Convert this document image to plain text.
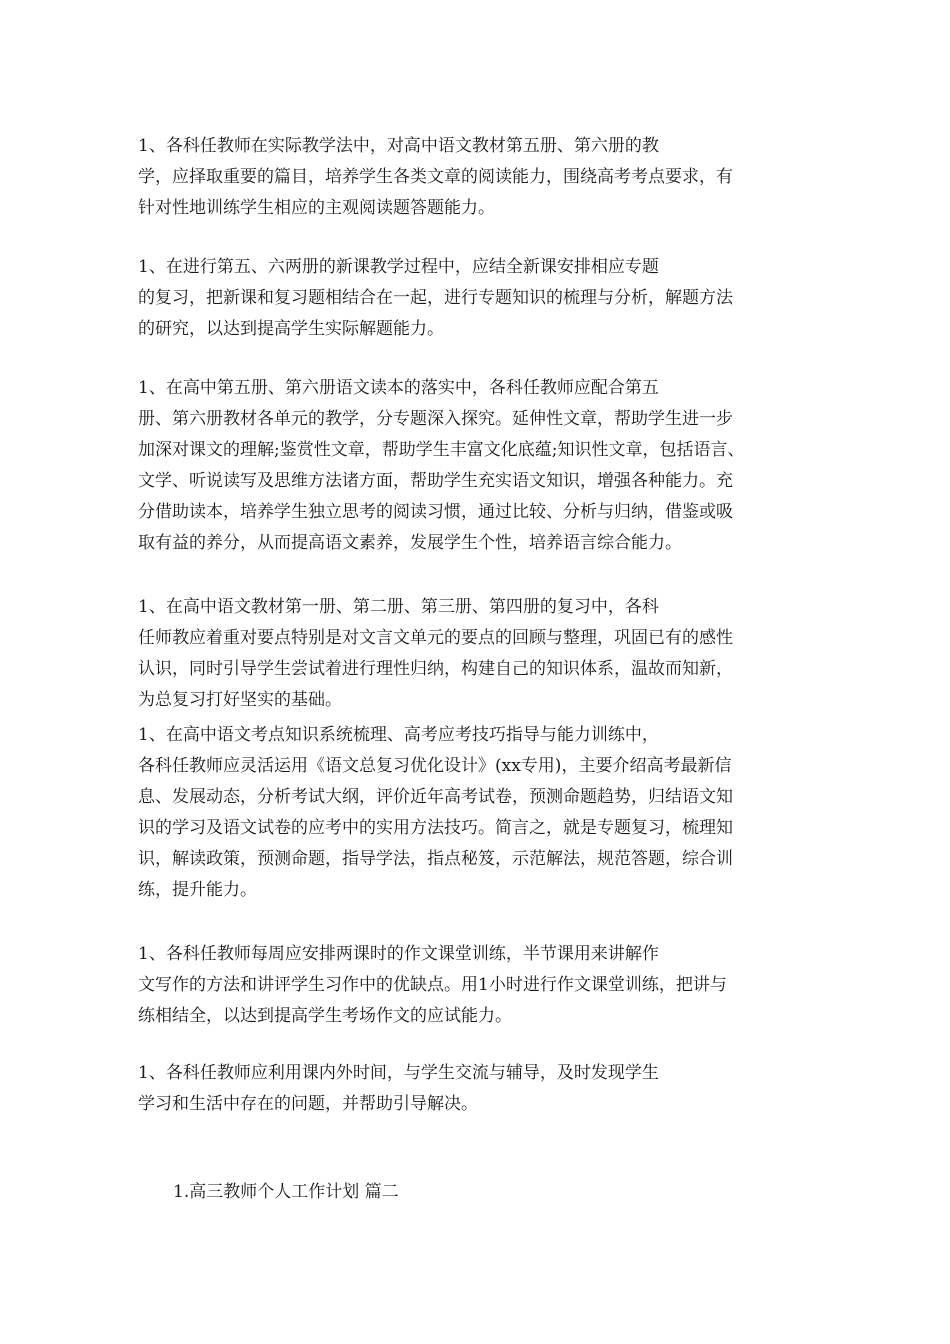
1、各科任教师在实际教学法中，对高中语文教材第五册、第六册的教
学，应择取重要的篇目，培养学生各类文章的阅读能力，围绕高考考点要求，有
针对性地训练学生相应的主观阅读题答题能力。

1、在进行第五、六两册的新课教学过程中，应结全新课安排相应专题
的复习，把新课和复习题相结合在一起，进行专题知识的梳理与分析，解题方法
的研究，以达到提高学生实际解题能力。

1、在高中第五册、第六册语文读本的落实中，各科任教师应配合第五
册、第六册教材各单元的教学，分专题深入探究。延伸性文章，帮助学生进一步
加深对课文的理解;鉴赏性文章，帮助学生丰富文化底蕴;知识性文章，包括语言、
文学、听说读写及思维方法诸方面，帮助学生充实语文知识，增强各种能力。充
分借助读本，培养学生独立思考的阅读习惯，通过比较、分析与归纳，借鉴或吸
取有益的养分，从而提高语文素养，发展学生个性，培养语言综合能力。

1、在高中语文教材第一册、第二册、第三册、第四册的复习中，各科
任师教应着重对要点特别是对文言文单元的要点的回顾与整理，巩固已有的感性
认识，同时引导学生尝试着进行理性归纳，构建自己的知识体系，温故而知新，
为总复习打好坚实的基础。

1、在高中语文考点知识系统梳理、高考应考技巧指导与能力训练中，
各科任教师应灵活运用《语文总复习优化设计》(xx专用)，主要介绍高考最新信
息、发展动态，分析考试大纲，评价近年高考试卷，预测命题趋势，归结语文知
识的学习及语文试卷的应考中的实用方法技巧。简言之，就是专题复习，梳理知
识，解读政策，预测命题，指导学法，指点秘笈，示范解法，规范答题，综合训
练，提升能力。

1、各科任教师每周应安排两课时的作文课堂训练，半节课用来讲解作
文写作的方法和讲评学生习作中的优缺点。用1小时进行作文课堂训练，把讲与
练相结全，以达到提高学生考场作文的应试能力。

1、各科任教师应利用课内外时间，与学生交流与辅导，及时发现学生
学习和生活中存在的问题，并帮助引导解决。

1.高三教师个人工作计划 篇二
